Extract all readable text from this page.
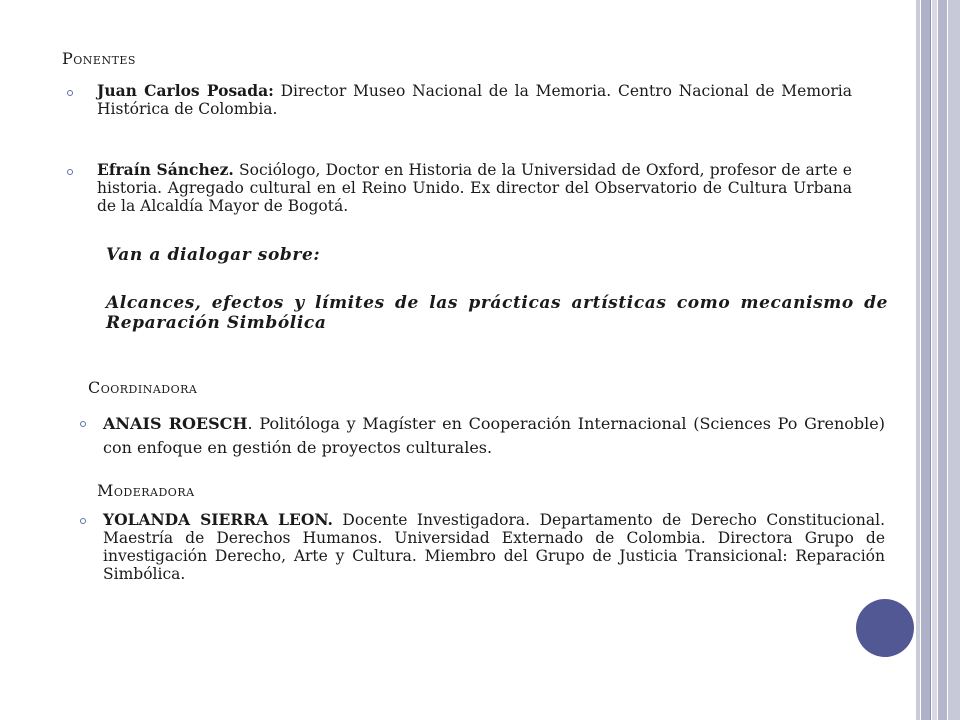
Ponentes
Juan Carlos Posada: Director Museo Nacional de la Memoria. Centro Nacional de Memoria Histórica de Colombia.
Efraín Sánchez. Sociólogo, Doctor en Historia de la Universidad de Oxford, profesor de arte e historia. Agregado cultural en el Reino Unido. Ex director del Observatorio de Cultura Urbana de la Alcaldía Mayor de Bogotá.
Van a dialogar sobre:
Alcances, efectos y límites de las prácticas artísticas como mecanismo de Reparación Simbólica
Coordinadora
ANAIS ROESCH. Politóloga y Magíster en Cooperación Internacional (Sciences Po Grenoble) con enfoque en gestión de proyectos culturales.
Moderadora
YOLANDA SIERRA LEON. Docente Investigadora. Departamento de Derecho Constitucional. Maestría de Derechos Humanos. Universidad Externado de Colombia. Directora Grupo de investigación Derecho, Arte y Cultura. Miembro del Grupo de Justicia Transicional: Reparación Simbólica.
